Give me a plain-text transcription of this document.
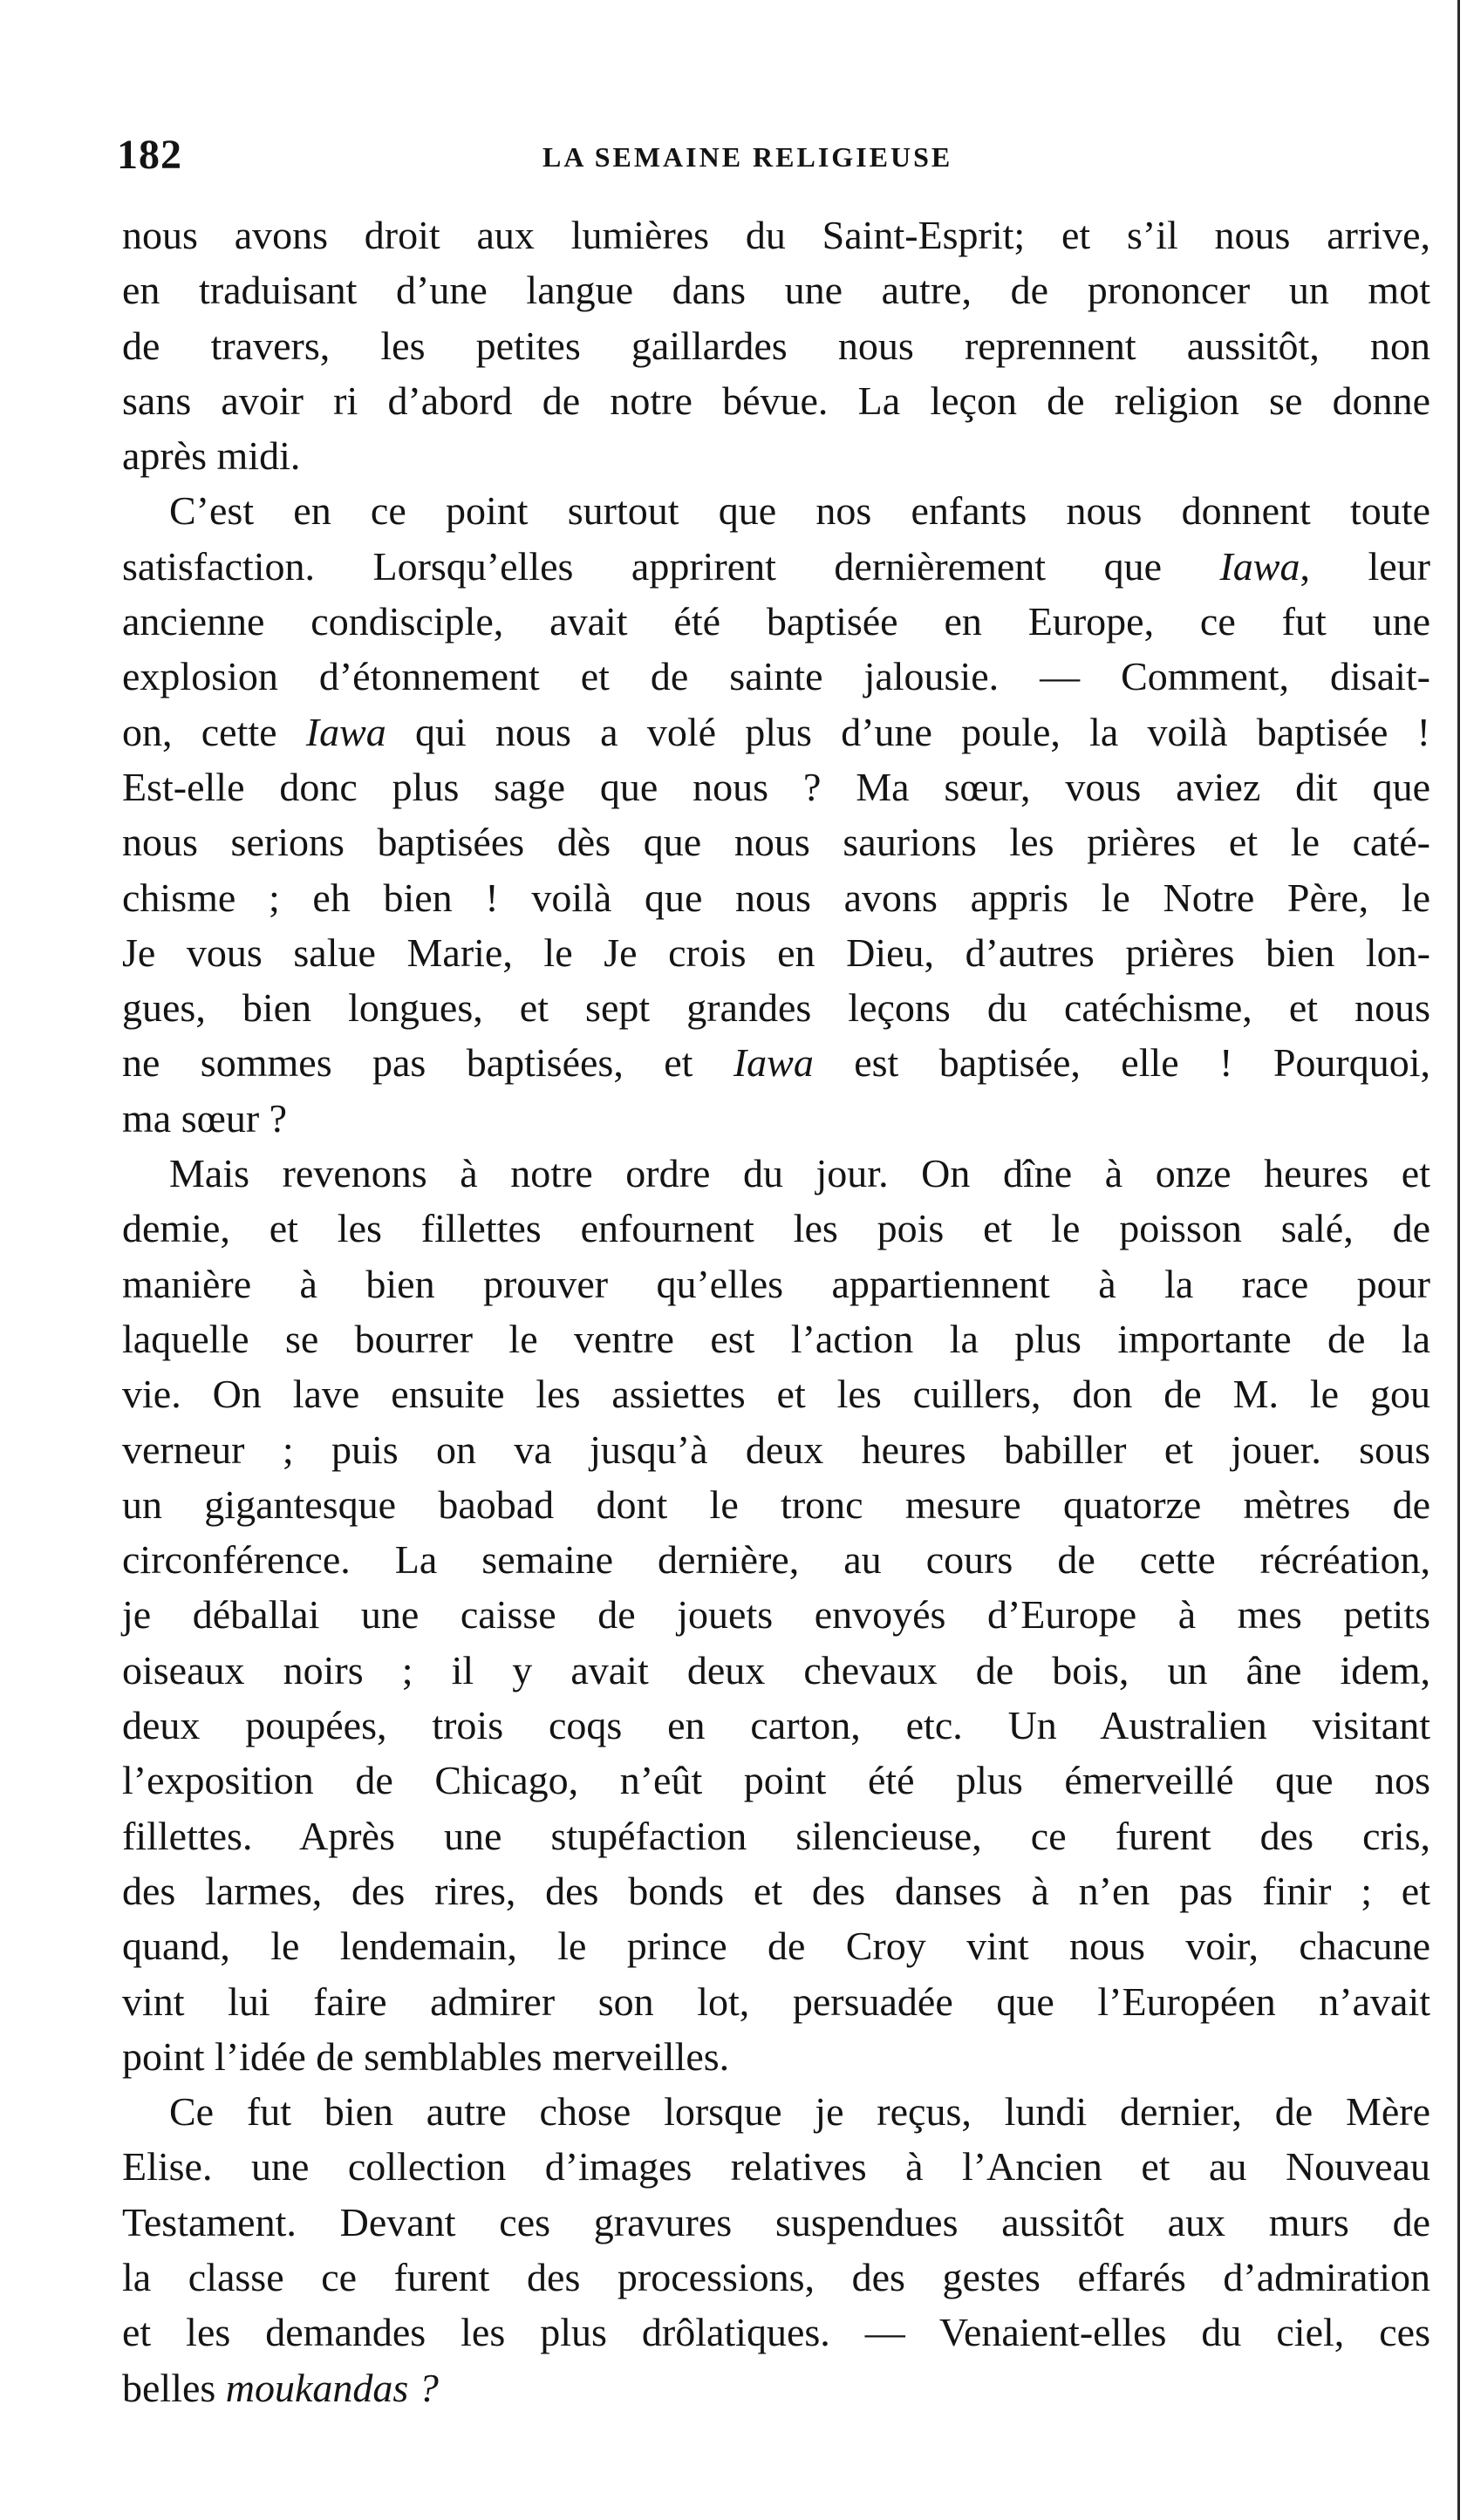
182	LA SEMAINE RELIGIEUSE
nous avons droit aux lumières du Saint-Esprit; et s’il nous arrive,
en traduisant d’une langue dans une autre, de prononcer un mot
de travers, les petites gaillardes nous reprennent aussitôt, non
sans avoir ri d’abord de notre bévue. La leçon de religion se donne
après midi.
C’est en ce point surtout que nos enfants nous donnent toute
satisfaction. Lorsqu’elles apprirent dernièrement que Iawa, leur
ancienne condisciple, avait été baptisée en Europe, ce fut une
explosion d’étonnement et de sainte jalousie. — Comment, disait-
on, cette Iawa qui nous a volé plus d’une poule, la voilà baptisée !
Est-elle donc plus sage que nous ? Ma sœur, vous aviez dit que
nous serions baptisées dès que nous saurions les prières et le caté-
chisme ; eh bien ! voilà que nous avons appris le Notre Père, le
Je vous salue Marie, le Je crois en Dieu, d’autres prières bien lon-
gues, bien longues, et sept grandes leçons du catéchisme, et nous
ne sommes pas baptisées, et Iawa est baptisée, elle ! Pourquoi,
ma sœur ?
Mais revenons à notre ordre du jour. On dîne à onze heures et
demie, et les fillettes enfournent les pois et le poisson salé, de
manière à bien prouver qu’elles appartiennent à la race pour
laquelle se bourrer le ventre est l’action la plus importante de la
vie. On lave ensuite les assiettes et les cuillers, don de M. le gou
verneur ; puis on va jusqu’à deux heures babiller et jouer. sous
un gigantesque baobad dont le tronc mesure quatorze mètres de
circonférence. La semaine dernière, au cours de cette récréation,
je déballai une caisse de jouets envoyés d’Europe à mes petits
oiseaux noirs ; il y avait deux chevaux de bois, un âne idem,
deux poupées, trois coqs en carton, etc. Un Australien visitant
l’exposition de Chicago, n’eût point été plus émerveillé que nos
fillettes. Après une stupéfaction silencieuse, ce furent des cris,
des larmes, des rires, des bonds et des danses à n’en pas finir ; et
quand, le lendemain, le prince de Croy vint nous voir, chacune
vint lui faire admirer son lot, persuadée que l’Européen n’avait
point l’idée de semblables merveilles.
Ce fut bien autre chose lorsque je reçus, lundi dernier, de Mère
Elise. une collection d’images relatives à l’Ancien et au Nouveau
Testament. Devant ces gravures suspendues aussitôt aux murs de
la classe ce furent des processions, des gestes effarés d’admiration
et les demandes les plus drôlatiques. — Venaient-elles du ciel, ces
belles moukandas ?
